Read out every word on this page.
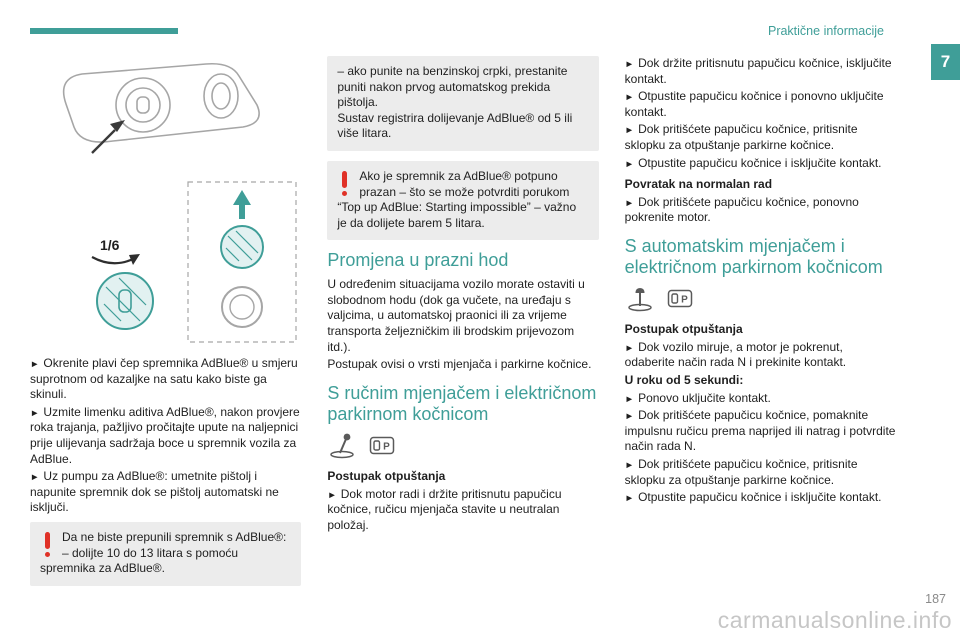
Praktične informacije
7
1/6

► Okrenite plavi čep spremnika AdBlue® u smjeru suprotnom od kazaljke na satu kako biste ga skinuli.

► Uzmite limenku aditiva AdBlue®, nakon provjere roka trajanja, pažljivo pročitajte upute na naljepnici prije ulijevanja sadržaja boce u spremnik vozila za AdBlue.

► Uz pumpu za AdBlue®: umetnite pištolj i napunite spremnik dok se pištolj automatski ne isključi.

Da ne biste prepunili spremnik s AdBlue®:

– dolijte 10 do 13 litara s pomoću spremnika za AdBlue®.

– ako punite na benzinskoj crpki, prestanite puniti nakon prvog automatskog prekida pištolja.

Sustav registrira dolijevanje AdBlue® od 5 ili više litara.

Ako je spremnik za AdBlue® potpuno prazan – što se može potvrditi porukom “Top up AdBlue: Starting impossible” – važno je da dolijete barem 5 litara.

Promjena u prazni hod

U određenim situacijama vozilo morate ostaviti u slobodnom hodu (dok ga vučete, na uređaju s valjcima, u automatskoj praonici ili za vrijeme transporta željezničkim ili brodskim prijevozom itd.).

Postupak ovisi o vrsti mjenjača i parkirne kočnice.

S ručnim mjenjačem i električnom parkirnom kočnicom
P

Postupak otpuštanja

► Dok motor radi i držite pritisnutu papučicu kočnice, ručicu mjenjača stavite u neutralan položaj.

► Dok držite pritisnutu papučicu kočnice, isključite kontakt.

► Otpustite papučicu kočnice i ponovno uključite kontakt.

► Dok pritišćete papučicu kočnice, pritisnite sklopku za otpuštanje parkirne kočnice.

► Otpustite papučicu kočnice i isključite kontakt.

Povratak na normalan rad

► Dok pritišćete papučicu kočnice, ponovno pokrenite motor.

S automatskim mjenjačem i električnom parkirnom kočnicom
P

Postupak otpuštanja

► Dok vozilo miruje, a motor je pokrenut, odaberite način rada N i prekinite kontakt.

U roku od 5 sekundi:

► Ponovo uključite kontakt.

► Dok pritišćete papučicu kočnice, pomaknite impulsnu ručicu prema naprijed ili natrag i potvrdite način rada N.

► Dok pritišćete papučicu kočnice, pritisnite sklopku za otpuštanje parkirne kočnice.

► Otpustite papučicu kočnice i isključite kontakt.

187
carmanualsonline.info
